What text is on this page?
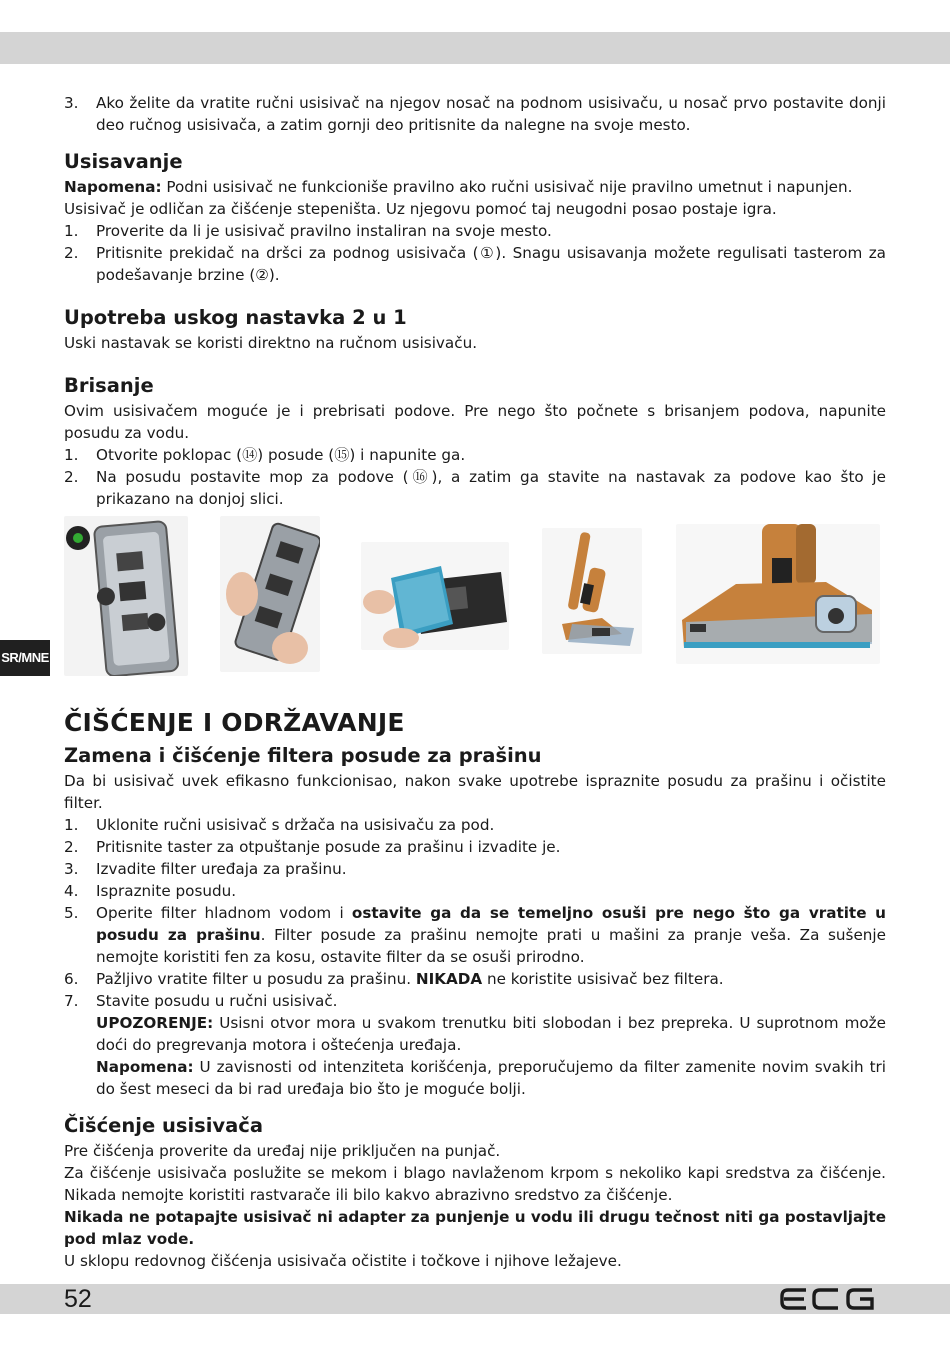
SR/MNE
3. Ako želite da vratite ručni usisivač na njegov nosač na podnom usisivaču, u nosač prvo postavite donji deo ručnog usisivača, a zatim gornji deo pritisnite da nalegne na svoje mesto.
Usisavanje

Napomena: Podni usisivač ne funkcioniše pravilno ako ručni usisivač nije pravilno umetnut i napunjen.

Usisivač je odličan za čišćenje stepeništa. Uz njegovu pomoć taj neugodni posao postaje igra.

1. Proverite da li je usisivač pravilno instaliran na svoje mesto.
2. Pritisnite prekidač na dršci za podnog usisivača (①). Snagu usisavanja možete regulisati tasterom za podešavanje brzine (②).
Upotreba uskog nastavka 2 u 1

Uski nastavak se koristi direktno na ručnom usisivaču.

Brisanje

Ovim usisivačem moguće je i prebrisati podove. Pre nego što počnete s brisanjem podova, napunite posudu za vodu.

1. Otvorite poklopac (⑭) posude (⑮) i napunite ga.
2. Na posudu postavite mop za podove (⑯), a zatim ga stavite na nastavak za podove kao što je prikazano na donjoj slici.
ČIŠĆENJE I ODRŽAVANJE
Zamena i čišćenje filtera posude za prašinu

Da bi usisivač uvek efikasno funkcionisao, nakon svake upotrebe ispraznite posudu za prašinu i očistite filter.

1. Uklonite ručni usisivač s držača na usisivaču za pod.
2. Pritisnite taster za otpuštanje posude za prašinu i izvadite je.
3. Izvadite filter uređaja za prašinu.
4. Ispraznite posudu.
5. Operite filter hladnom vodom i ostavite ga da se temeljno osuši pre nego što ga vratite u posudu za prašinu. Filter posude za prašinu nemojte prati u mašini za pranje veša. Za sušenje nemojte koristiti fen za kosu, ostavite filter da se osuši prirodno.
6. Pažljivo vratite filter u posudu za prašinu. NIKADA ne koristite usisivač bez filtera.
7. Stavite posudu u ručni usisivač.
UPOZORENJE: Usisni otvor mora u svakom trenutku biti slobodan i bez prepreka. U suprotnom može doći do pregrevanja motora i oštećenja uređaja.
Napomena: U zavisnosti od intenziteta korišćenja, preporučujemo da filter zamenite novim svakih tri do šest meseci da bi rad uređaja bio što je moguće bolji.
Čišćenje usisivača

Pre čišćenja proverite da uređaj nije priključen na punjač.

Za čišćenje usisivača poslužite se mekom i blago navlaženom krpom s nekoliko kapi sredstva za čišćenje. Nikada nemojte koristiti rastvarače ili bilo kakvo abrazivno sredstvo za čišćenje.

Nikada ne potapajte usisivač ni adapter za punjenje u vodu ili drugu tečnost niti ga postavljajte pod mlaz vode.

U sklopu redovnog čišćenja usisivača očistite i točkove i njihove ležajeve.

52	ECG
